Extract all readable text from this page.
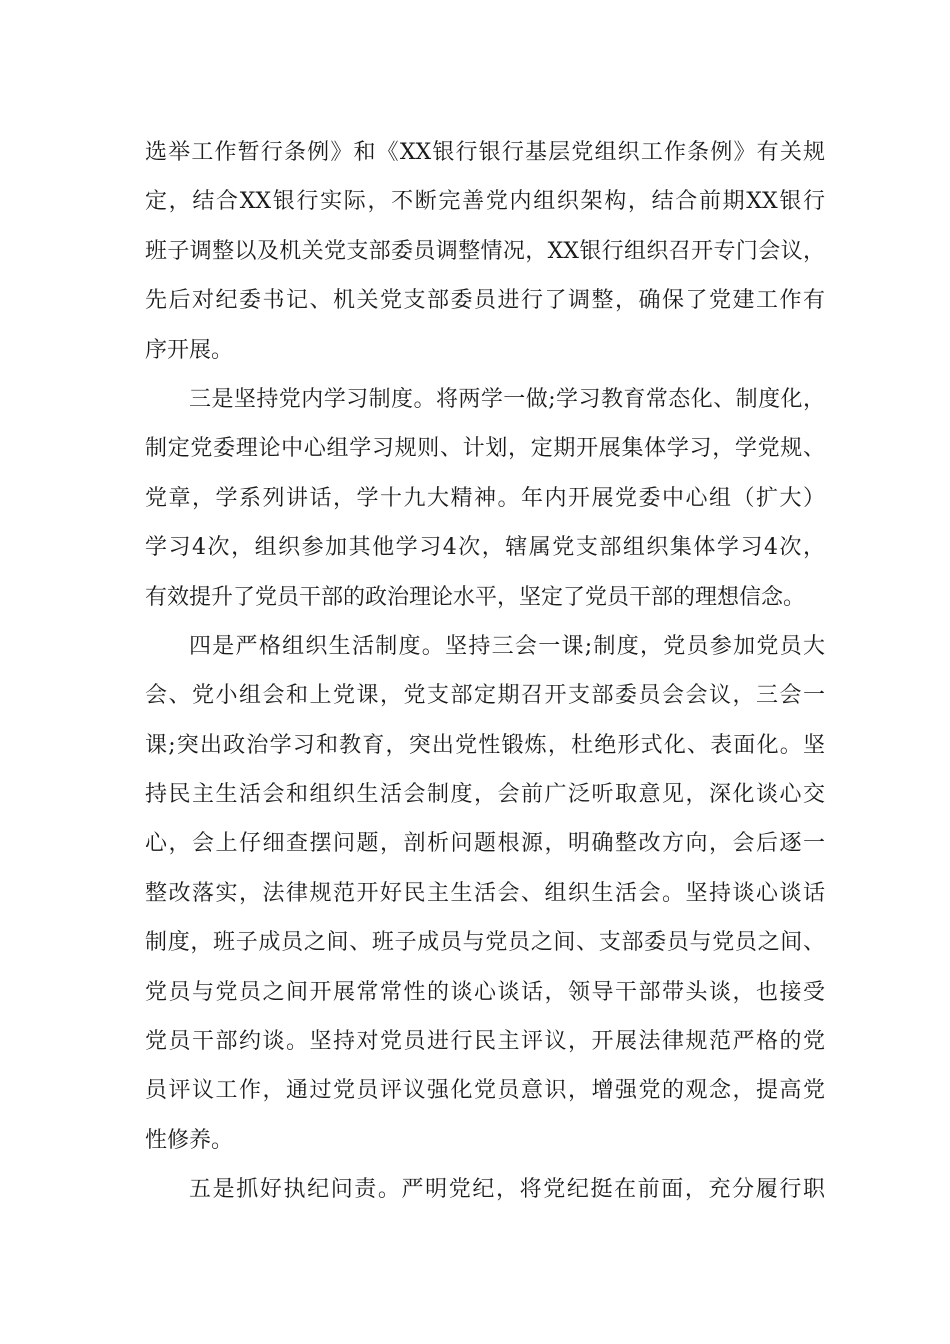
选举工作暂行条例》和《XX银行银行基层党组织工作条例》有关规
定，结合XX银行实际，不断完善党内组织架构，结合前期XX银行
班子调整以及机关党支部委员调整情况，XX银行组织召开专门会议，
先后对纪委书记、机关党支部委员进行了调整，确保了党建工作有
序开展。
三是坚持党内学习制度。将两学一做;学习教育常态化、制度化，
制定党委理论中心组学习规则、计划，定期开展集体学习，学党规、
党章，学系列讲话，学十九大精神。年内开展党委中心组（扩大）
学习4次，组织参加其他学习4次，辖属党支部组织集体学习4次，
有效提升了党员干部的政治理论水平，坚定了党员干部的理想信念。
四是严格组织生活制度。坚持三会一课;制度，党员参加党员大
会、党小组会和上党课，党支部定期召开支部委员会会议，三会一
课;突出政治学习和教育，突出党性锻炼，杜绝形式化、表面化。坚
持民主生活会和组织生活会制度，会前广泛听取意见，深化谈心交
心，会上仔细查摆问题，剖析问题根源，明确整改方向，会后逐一
整改落实，法律规范开好民主生活会、组织生活会。坚持谈心谈话
制度，班子成员之间、班子成员与党员之间、支部委员与党员之间、
党员与党员之间开展常常性的谈心谈话，领导干部带头谈，也接受
党员干部约谈。坚持对党员进行民主评议，开展法律规范严格的党
员评议工作，通过党员评议强化党员意识，增强党的观念，提高党
性修养。
五是抓好执纪问责。严明党纪，将党纪挺在前面，充分履行职
